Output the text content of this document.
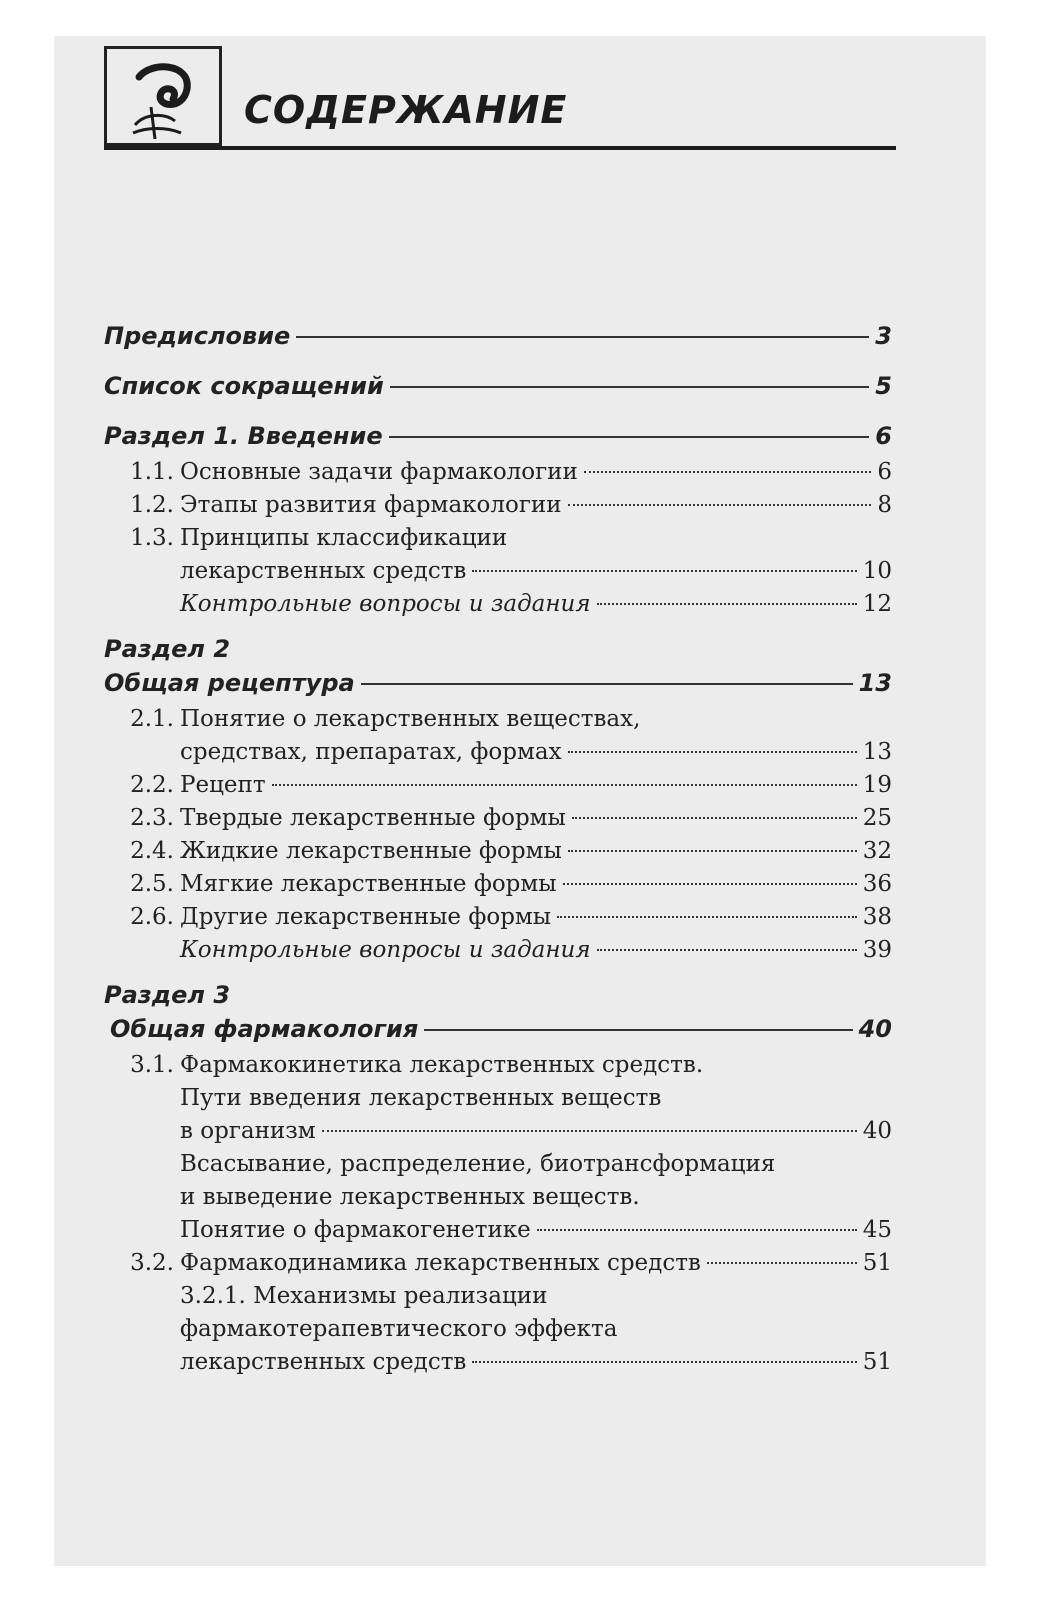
СОДЕРЖАНИЕ
Предисловие	3
Список сокращений	5
Раздел 1. Введение	6
1.1. Основные задачи фармакологии	6
1.2. Этапы развития фармакологии	8
1.3. Принципы классификации
лекарственных средств	10
Контрольные вопросы и задания	12
Раздел 2
Общая рецептура	13
2.1. Понятие о лекарственных веществах,
средствах, препаратах, формах	13
2.2. Рецепт	19
2.3. Твердые лекарственные формы	25
2.4. Жидкие лекарственные формы	32
2.5. Мягкие лекарственные формы	36
2.6. Другие лекарственные формы	38
Контрольные вопросы и задания	39
Раздел 3
Общая фармакология	40
3.1. Фармакокинетика лекарственных средств.
Пути введения лекарственных веществ
в организм	40
Всасывание, распределение, биотрансформация
и выведение лекарственных веществ.
Понятие о фармакогенетике	45
3.2. Фармакодинамика лекарственных средств	51
3.2.1. Механизмы реализации
фармакотерапевтического эффекта
лекарственных средств	51
